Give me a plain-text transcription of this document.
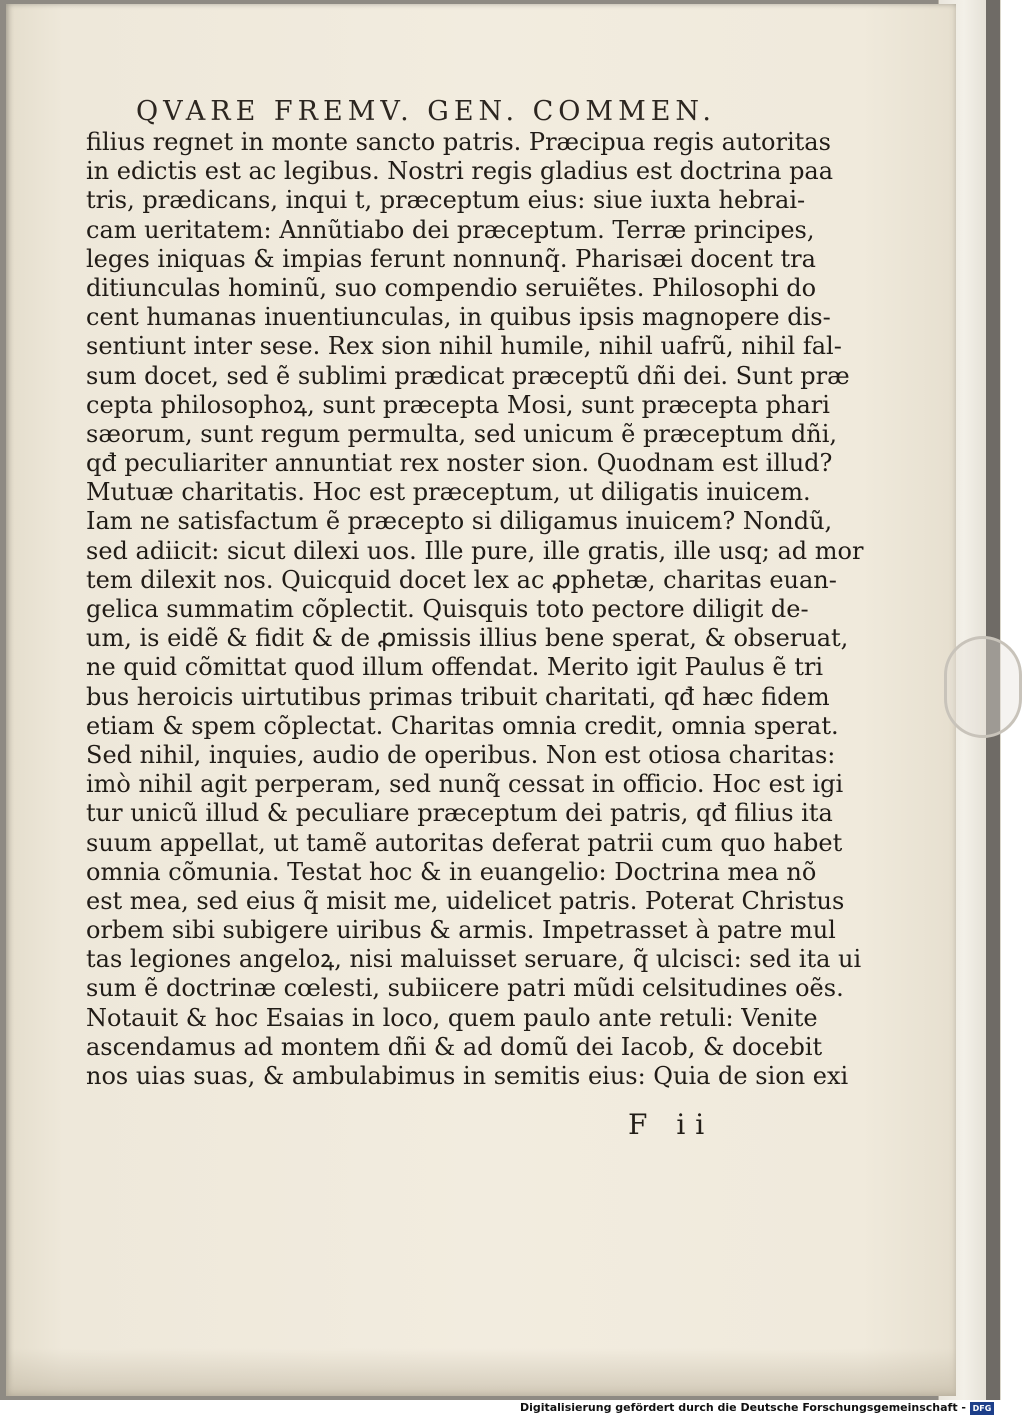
QVARE FREMV. GEN. COMMEN.
filius regnet in monte sancto patris. Præcipua regis autoritas
in edictis est ac legibus. Nostri regis gladius est doctrina paa
tris, prædicans, inqui t, præceptum eius: siue iuxta hebrai-
cam ueritatem: Annũtiabo dei præceptum. Terræ principes,
leges iniquas & impias ferunt nonnunq̃. Pharisæi docent tra
ditiunculas hominũ, suo compendio seruiẽtes. Philosophi do
cent humanas inuentiunculas, in quibus ipsis magnopere dis-
sentiunt inter sese. Rex sion nihil humile, nihil uafrũ, nihil fal-
sum docet, sed ẽ sublimi prædicat præceptũ dñi dei. Sunt præ
cepta philosophoꝝ, sunt præcepta Mosi, sunt præcepta phari
sæorum, sunt regum permulta, sed unicum ẽ præceptum dñi,
qđ peculiariter annuntiat rex noster sion. Quodnam est illud?
Mutuæ charitatis. Hoc est præceptum, ut diligatis inuicem.
Iam ne satisfactum ẽ præcepto si diligamus inuicem? Nondũ,
sed adiicit: sicut dilexi uos. Ille pure, ille gratis, ille usq; ad mor
tem dilexit nos. Quicquid docet lex ac ꝓphetæ, charitas euan-
gelica summatim cõplectit. Quisquis toto pectore diligit de-
um, is eidẽ & fidit & de ꝓmissis illius bene sperat, & obseruat,
ne quid cõmittat quod illum offendat. Merito igit Paulus ẽ tri
bus heroicis uirtutibus primas tribuit charitati, qđ hæc fidem
etiam & spem cõplectat. Charitas omnia credit, omnia sperat.
Sed nihil, inquies, audio de operibus. Non est otiosa charitas:
imò nihil agit perperam, sed nunq̃ cessat in officio. Hoc est igi
tur unicũ illud & peculiare præceptum dei patris, qđ filius ita
suum appellat, ut tamẽ autoritas deferat patrii cum quo habet
omnia cõmunia. Testat hoc & in euangelio: Doctrina mea nõ
est mea, sed eius q̃ misit me, uidelicet patris. Poterat Christus
orbem sibi subigere uiribus & armis. Impetrasset à patre mul
tas legiones angeloꝝ, nisi maluisset seruare, q̃ ulcisci: sed ita ui
sum ẽ doctrinæ cœlesti, subiicere patri mũdi celsitudines oẽs.
Notauit & hoc Esaias in loco, quem paulo ante retuli: Venite
ascendamus ad montem dñi & ad domũ dei Iacob, & docebit
nos uias suas, & ambulabimus in semitis eius: Quia de sion exi
F ii
Digitalisierung gefördert durch die Deutsche Forschungsgemeinschaft - DFG
